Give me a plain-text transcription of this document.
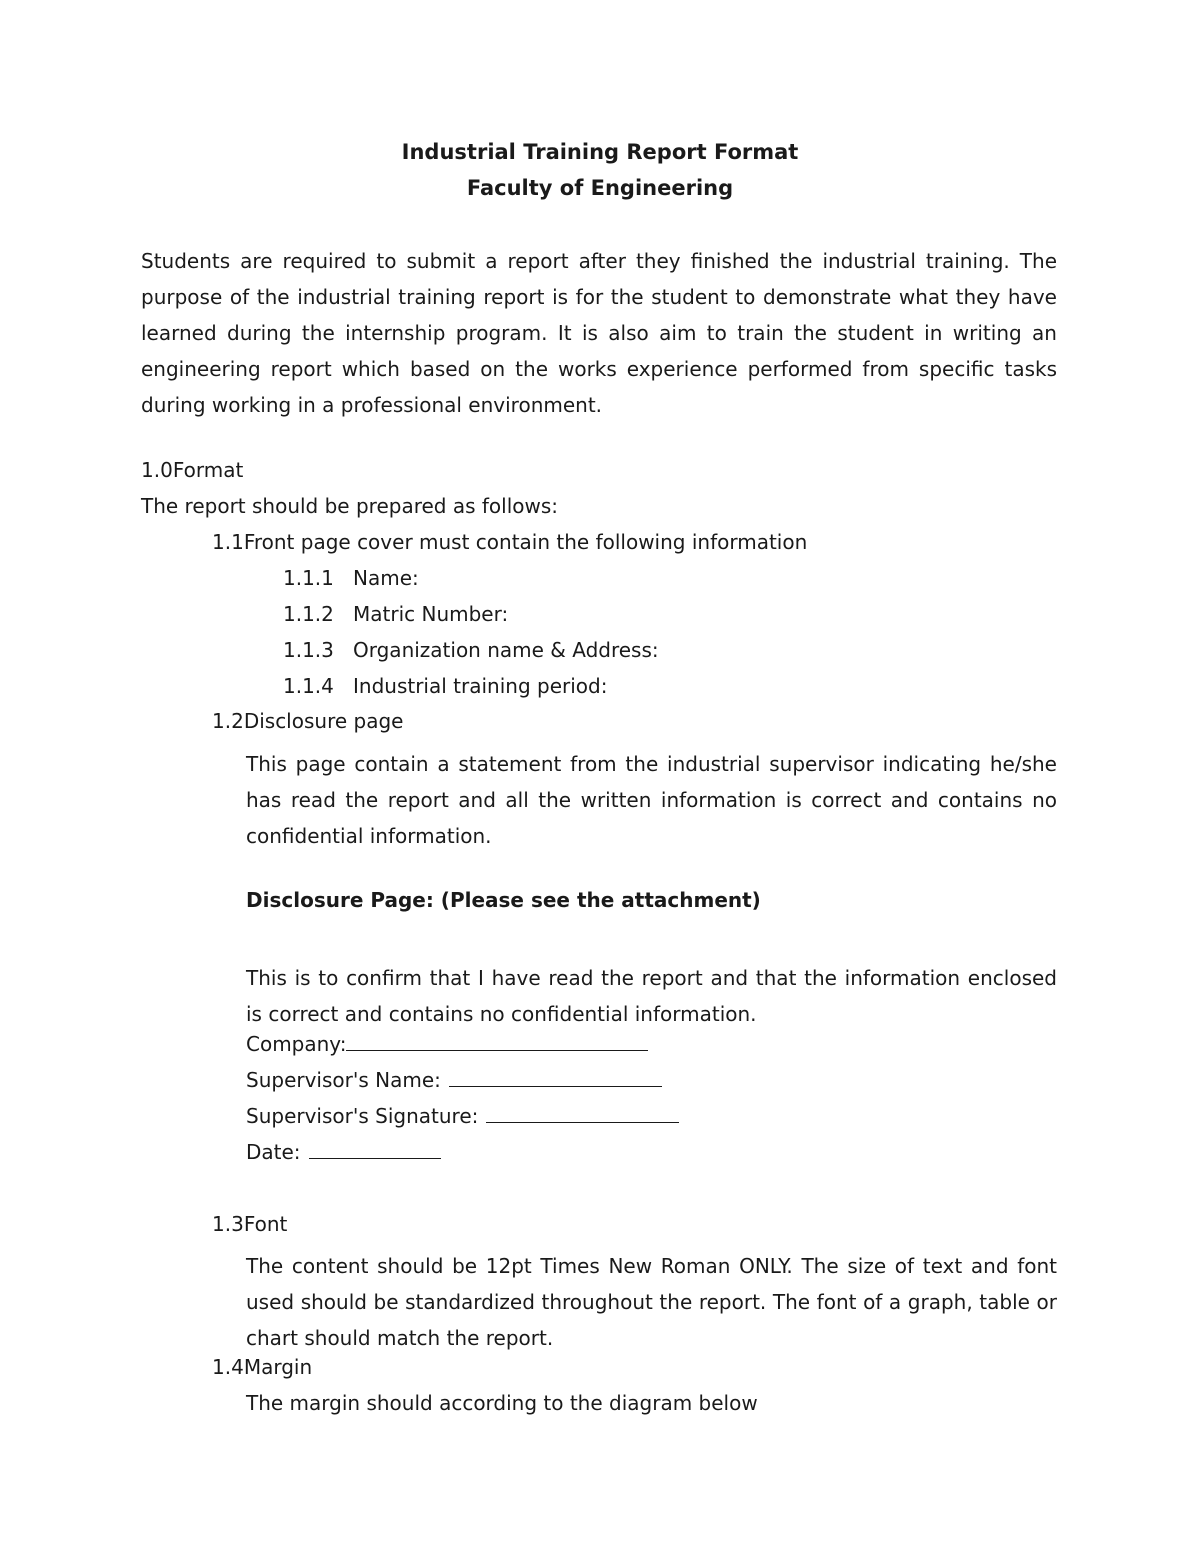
Industrial Training Report Format
Faculty of Engineering
Students are required to submit a report after they finished the industrial training. The purpose of the industrial training report is for the student to demonstrate what they have learned during the internship program. It is also aim to train the student in writing an engineering report which based on the works experience performed from specific tasks during working in a professional environment.
1.0Format
The report should be prepared as follows:
1.1Front page cover must contain the following information
1.1.1 Name:
1.1.2 Matric Number:
1.1.3 Organization name & Address:
1.1.4 Industrial training period:
1.2Disclosure page
This page contain a statement from the industrial supervisor indicating he/she has read the report and all the written information is correct and contains no confidential information.
Disclosure Page: (Please see the attachment)
This is to confirm that I have read the report and that the information enclosed is correct and contains no confidential information.
Company:
Supervisor's Name:
Supervisor's Signature:
Date:
1.3Font
The content should be 12pt Times New Roman ONLY. The size of text and font used should be standardized throughout the report. The font of a graph, table or chart should match the report.
1.4Margin
The margin should according to the diagram below
